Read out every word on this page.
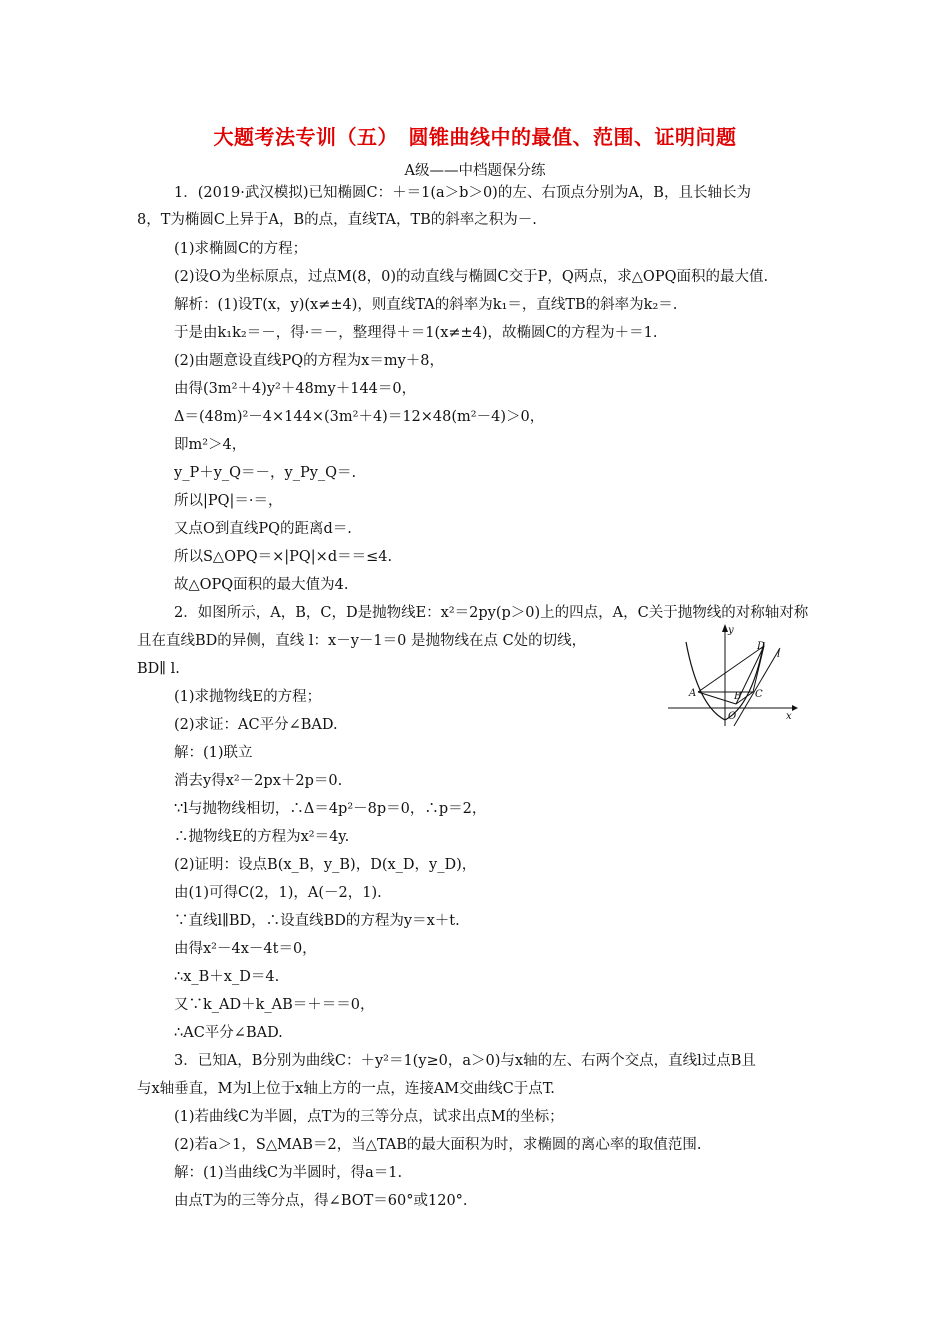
大题考法专训（五）　圆锥曲线中的最值、范围、证明问题
A级——中档题保分练
1．(2019·武汉模拟)已知椭圆C：＋＝1(a＞b＞0)的左、右顶点分别为A，B，且长轴长为
8，T为椭圆C上异于A，B的点，直线TA，TB的斜率之积为－.
(1)求椭圆C的方程；
(2)设O为坐标原点，过点M(8，0)的动直线与椭圆C交于P，Q两点，求△OPQ面积的最大值.
解析：(1)设T(x，y)(x≠±4)，则直线TA的斜率为k₁＝，直线TB的斜率为k₂＝.
于是由k₁k₂＝－，得·＝－，整理得＋＝1(x≠±4)，故椭圆C的方程为＋＝1.
(2)由题意设直线PQ的方程为x＝my＋8，
由得(3m²＋4)y²＋48my＋144＝0，
Δ＝(48m)²－4×144×(3m²＋4)＝12×48(m²－4)＞0，
即m²＞4，
y_P＋y_Q＝－，y_Py_Q＝.
所以|PQ|＝·＝，
又点O到直线PQ的距离d＝.
所以S△OPQ＝×|PQ|×d＝＝≤4.
故△OPQ面积的最大值为4.
2．如图所示，A，B，C，D是抛物线E：x²＝2py(p＞0)上的四点，A，C关于抛物线的对称轴对称
且在直线BD的异侧，直线 l：x－y－1＝0 是抛物线在点 C处的切线，
BD∥ l.
(1)求抛物线E的方程；
(2)求证：AC平分∠BAD.
解：(1)联立
消去y得x²－2px＋2p＝0.
∵l与抛物线相切，∴Δ＝4p²－8p＝0，∴p＝2，
∴抛物线E的方程为x²＝4y.
(2)证明：设点B(x_B，y_B)，D(x_D，y_D)，
由(1)可得C(2，1)，A(－2，1).
∵直线l∥BD，∴设直线BD的方程为y＝x＋t.
由得x²－4x－4t＝0，
∴x_B＋x_D＝4.
又∵k_AD＋k_AB＝＋＝＝0，
∴AC平分∠BAD.
3．已知A，B分别为曲线C：＋y²＝1(y≥0，a＞0)与x轴的左、右两个交点，直线l过点B且
与x轴垂直，M为l上位于x轴上方的一点，连接AM交曲线C于点T.
(1)若曲线C为半圆，点T为的三等分点，试求出点M的坐标；
(2)若a＞1，S△MAB＝2，当△TAB的最大面积为时，求椭圆的离心率的取值范围.
解：(1)当曲线C为半圆时，得a＝1.
由点T为的三等分点，得∠BOT＝60°或120°.
y
x
D
l
A	B C
O
